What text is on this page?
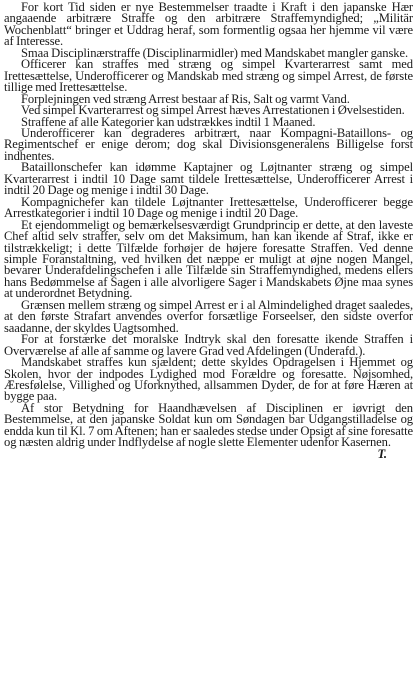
For kort Tid siden er nye Bestemmelser traadte i Kraft i den japanske Hær angaaende arbitrære Straffe og den arbitrære Straffemyndighed; „Militär Wochenblatt“ bringer et Uddrag heraf, som formentlig ogsaa her hjemme vil være af Interesse.

Smaa Disciplinærstraffe (Disciplinarmidler) med Mandskabet mangler ganske.

Officerer kan straffes med stræng og simpel Kvarterarrest samt med Irettesættelse, Underofficerer og Mandskab med stræng og simpel Arrest, de første tillige med Irettesættelse.

Forplejningen ved stræng Arrest bestaar af Ris, Salt og varmt Vand.

Ved simpel Kvarterarrest og simpel Arrest hæves Arrestationen i Øvelsestiden.

Straffene af alle Kategorier kan udstrækkes indtil 1 Maaned.

Underofficerer kan degraderes arbitrært, naar Kompagni-Bataillons- og Regimentschef er enige derom; dog skal Divisionsgeneralens Billigelse forst indhentes.

Bataillonschefer kan idømme Kaptajner og Løjtnanter stræng og simpel Kvarterarrest i indtil 10 Dage samt tildele Irettesættelse, Underofficerer Arrest i indtil 20 Dage og menige i indtil 30 Dage.

Kompagnichefer kan tildele Løjtnanter Irettesættelse, Underofficerer begge Arrestkategorier i indtil 10 Dage og menige i indtil 20 Dage.

Et ejendommeligt og bemærkelsesværdigt Grundprincip er dette, at den lavestе Chef altid selv straffer, selv om det Maksimum, han kan ikende af Straf, ikke er tilstrækkeligt; i dette Tilfælde forhøjer de højere foresatte Straffen. Ved denne simple Foranstaltning, ved hvilken det næppe er muligt at øjne nogen Mangel, bevarer Underafdelingschefen i alle Tilfælde sin Straffemyndighed, medens ellers hans Bedømmelse af Sagen i alle alvorligere Sager i Mandskabets Øjne maa synes at underordnet Betydning.

Grænsen mellem stræng og simpel Arrest er i al Almindelighed draget saaledes, at den første Strafart anvendes overfor forsætlige Forseelser, den sidste overfor saadanne, der skyldes Uagtsomhed.

For at forstærke det moralske Indtryk skal den foresatte ikende Straffen i Overværelse af alle af samme og lavere Grad ved Afdelingen (Underafd.).

Mandskabet straffes kun sjældent; dette skyldes Opdragelsen i Hjemmet og Skolen, hvor der indpodes Lydighed mod Forældre og foresatte. Nøjsomhed, Æresfølelse, Villighed og Uforknythed, allsammen Dyder, de for at føre Hæren at bygge paa.

Af stor Betydning for Haandhævelsen af Disciplinen er iøvrigt den Bestemmelse, at den japanske Soldat kun om Søndagen bar Udgangstilladelse og endda kun til Kl. 7 om Aftenen; han er saaledes stedse under Opsigt af sine foresatte og næsten aldrig under Indflydelse af nogle slette Elementer udenfor Kasernen.

T.
